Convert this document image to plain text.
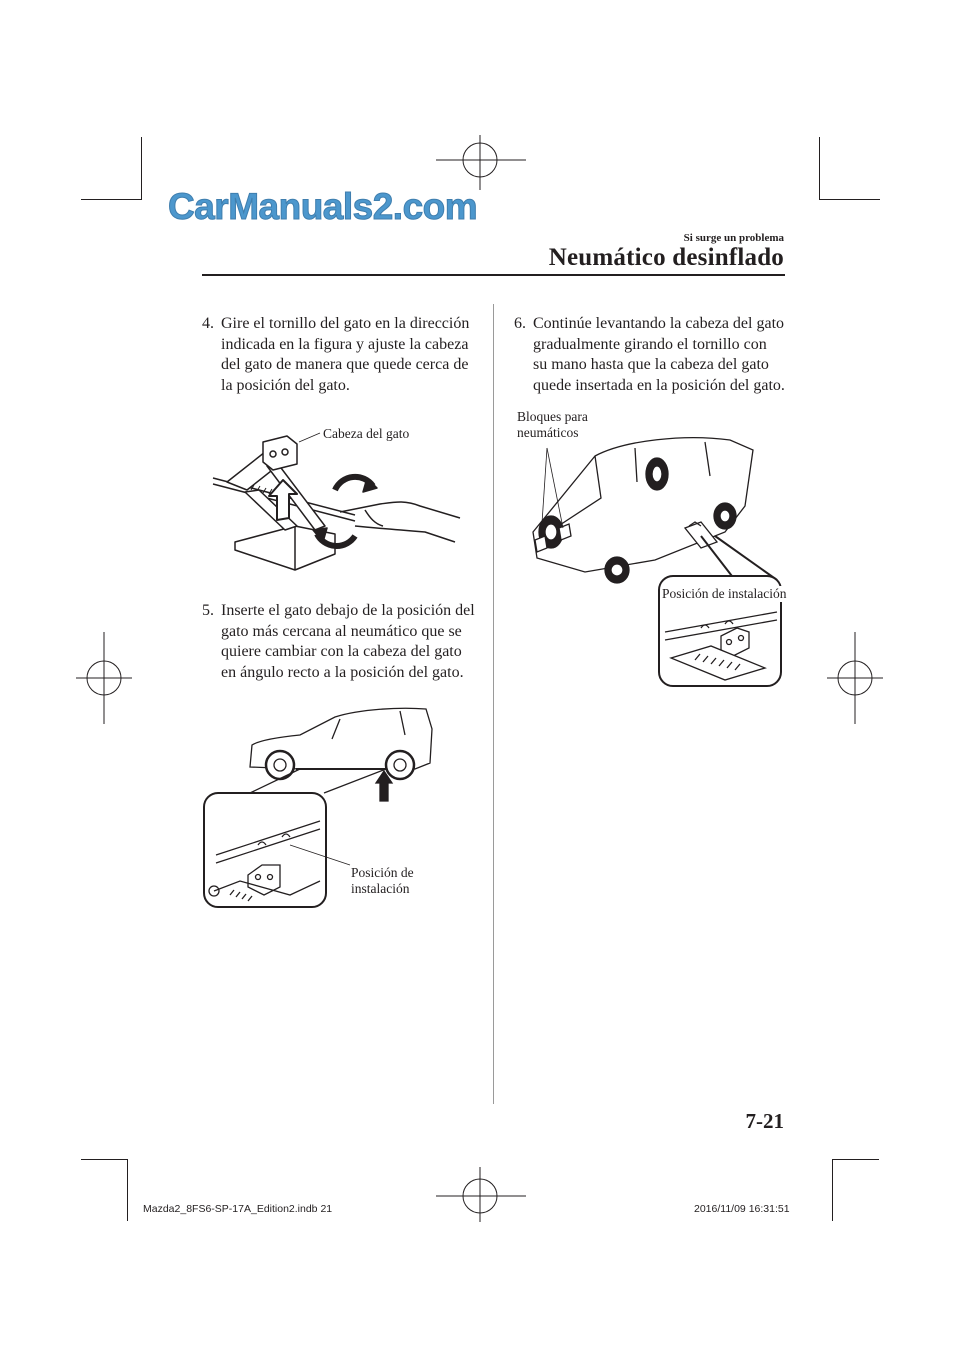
CarManuals2.com
Si surge un problema
Neumático desinflado
4. Gire el tornillo del gato en la dirección
indicada en la figura y ajuste la cabeza
del gato de manera que quede cerca de
la posición del gato.
Cabeza del gato
5. Inserte el gato debajo de la posición del
gato más cercana al neumático que se
quiere cambiar con la cabeza del gato
en ángulo recto a la posición del gato.
Posición de
instalación
6. Continúe levantando la cabeza del gato
gradualmente girando el tornillo con
su mano hasta que la cabeza del gato
quede insertada en la posición del gato.
Bloques para
neumáticos
Posición de instalación
7-21
Mazda2_8FS6-SP-17A_Edition2.indb 21	2016/11/09 16:31:51
